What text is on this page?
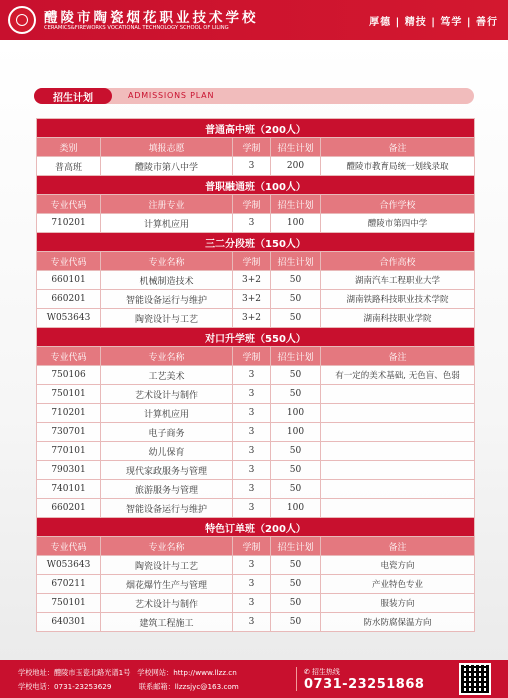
醴陵市陶瓷烟花职业技术学校
CERAMICS&FIREWORKS VOCATIONAL TECHNOLOGY SCHOOL OF LILING	厚德 | 精技 | 笃学 | 善行
招生计划	ADMISSIONS PLAN
普通高中班（200人）				
类别	填报志愿	学制	招生计划	备注
普高班	醴陵市第八中学	3	200	醴陵市教育局统一划线录取
普职融通班（100人）				
专业代码	注册专业	学制	招生计划	合作学校
710201	计算机应用	3	100	醴陵市第四中学
三二分段班（150人）				
专业代码	专业名称	学制	招生计划	合作高校
660101	机械制造技术	3+2	50	湖南汽车工程职业大学
660201	智能设备运行与维护	3+2	50	湖南铁路科技职业技术学院
W053643	陶瓷设计与工艺	3+2	50	湖南科技职业学院
对口升学班（550人）				
专业代码	专业名称	学制	招生计划	备注
750106	工艺美术	3	50	有一定的美术基础, 无色盲、色弱
750101	艺术设计与制作	3	50	
710201	计算机应用	3	100	
730701	电子商务	3	100	
770101	幼儿保育	3	50	
790301	现代家政服务与管理	3	50	
740101	旅游服务与管理	3	50	
660201	智能设备运行与维护	3	100	
特色订单班（200人）				
专业代码	专业名称	学制	招生计划	备注
W053643	陶瓷设计与工艺	3	50	电瓷方向
670211	烟花爆竹生产与管理	3	50	产业特色专业
750101	艺术设计与制作	3	50	服装方向
640301	建筑工程施工	3	50	防水防腐保温方向
学校地址：醴陵市玉瓷北路光谱1号 学校网站：http://www.llzz.cn
学校电话：0731-23253629	联系邮箱：llzzsjyc@163.com
✆ 招生热线
0731-23251868
